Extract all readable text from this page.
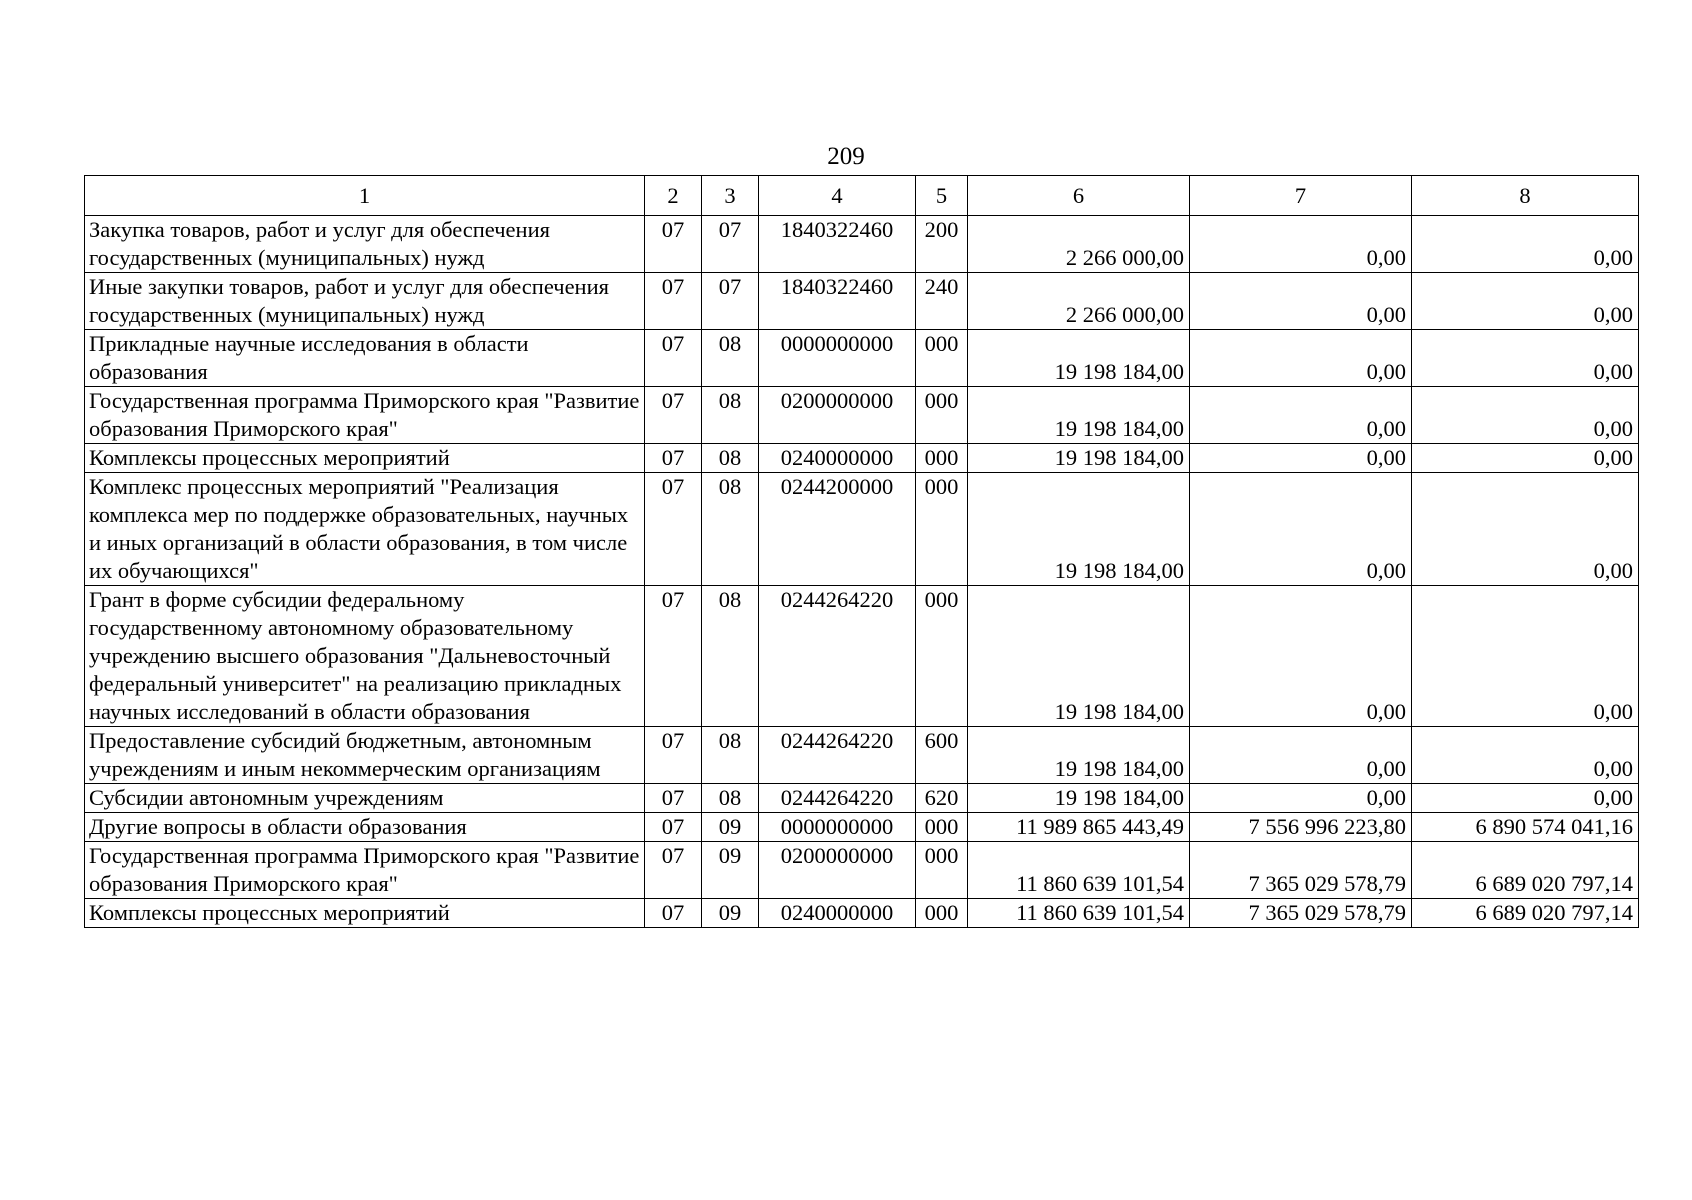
209
1	2	3	4	5	6	7	8
Закупка товаров, работ и услуг для обеспечения государственных (муниципальных) нужд	07	07	1840322460	200	2 266 000,00	0,00	0,00
Иные закупки товаров, работ и услуг для обеспечения государственных (муниципальных) нужд	07	07	1840322460	240	2 266 000,00	0,00	0,00
Прикладные научные исследования в области образования	07	08	0000000000	000	19 198 184,00	0,00	0,00
Государственная программа Приморского края "Развитие образования Приморского края"	07	08	0200000000	000	19 198 184,00	0,00	0,00
Комплексы процессных мероприятий	07	08	0240000000	000	19 198 184,00	0,00	0,00
Комплекс процессных мероприятий "Реализация комплекса мер по поддержке образовательных, научных и иных организаций в области образования, в том числе их обучающихся"	07	08	0244200000	000	19 198 184,00	0,00	0,00
Грант в форме субсидии федеральному государственному автономному образовательному учреждению высшего образования "Дальневосточный федеральный университет" на реализацию прикладных научных исследований в области образования	07	08	0244264220	000	19 198 184,00	0,00	0,00
Предоставление субсидий бюджетным, автономным учреждениям и иным некоммерческим организациям	07	08	0244264220	600	19 198 184,00	0,00	0,00
Субсидии автономным учреждениям	07	08	0244264220	620	19 198 184,00	0,00	0,00
Другие вопросы в области образования	07	09	0000000000	000	11 989 865 443,49	7 556 996 223,80	6 890 574 041,16
Государственная программа Приморского края "Развитие образования Приморского края"	07	09	0200000000	000	11 860 639 101,54	7 365 029 578,79	6 689 020 797,14
Комплексы процессных мероприятий	07	09	0240000000	000	11 860 639 101,54	7 365 029 578,79	6 689 020 797,14
